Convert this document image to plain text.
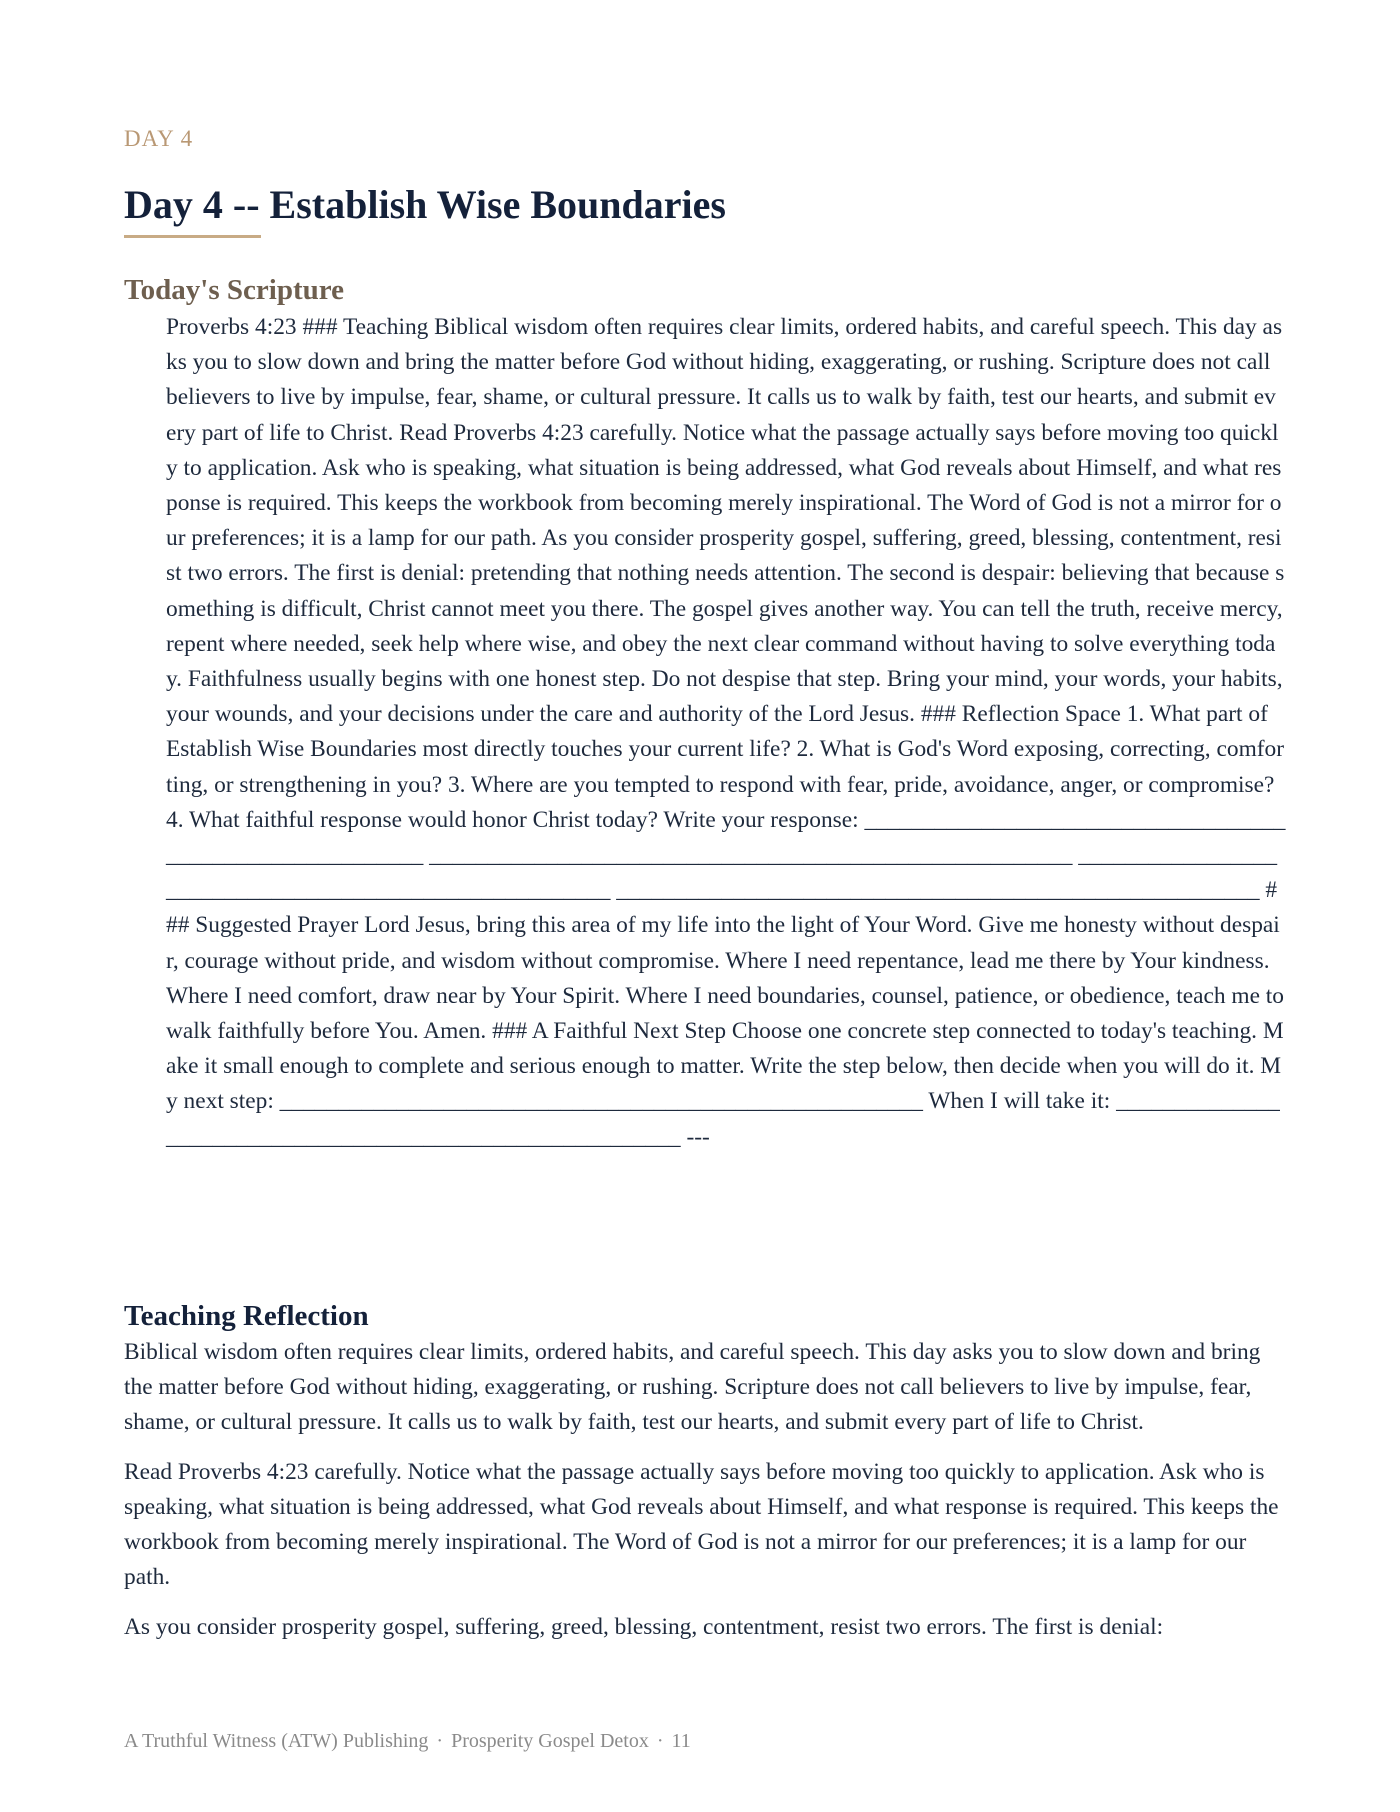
DAY 4
Day 4 -- Establish Wise Boundaries
Today's Scripture

Proverbs 4:23 ### Teaching Biblical wisdom often requires clear limits, ordered habits, and careful speech. This day asks you to slow down and bring the matter before God without hiding, exaggerating, or rushing. Scripture does not call believers to live by impulse, fear, shame, or cultural pressure. It calls us to walk by faith, test our hearts, and submit every part of life to Christ. Read Proverbs 4:23 carefully. Notice what the passage actually says before moving too quickly to application. Ask who is speaking, what situation is being addressed, what God reveals about Himself, and what response is required. This keeps the workbook from becoming merely inspirational. The Word of God is not a mirror for our preferences; it is a lamp for our path. As you consider prosperity gospel, suffering, greed, blessing, contentment, resist two errors. The first is denial: pretending that nothing needs attention. The second is despair: believing that because something is difficult, Christ cannot meet you there. The gospel gives another way. You can tell the truth, receive mercy, repent where needed, seek help where wise, and obey the next clear command without having to solve everything today. Faithfulness usually begins with one honest step. Do not despise that step. Bring your mind, your words, your habits, your wounds, and your decisions under the care and authority of the Lord Jesus. ### Reflection Space 1. What part of Establish Wise Boundaries most directly touches your current life? 2. What is God's Word exposing, correcting, comforting, or strengthening in you? 3. Where are you tempted to respond with fear, pride, avoidance, anger, or compromise? 4. What faithful response would honor Christ today? Write your response: __________________________________________________________ _______________________________________________________ _______________________________________________________ _______________________________________________________ ### Suggested Prayer Lord Jesus, bring this area of my life into the light of Your Word. Give me honesty without despair, courage without pride, and wisdom without compromise. Where I need repentance, lead me there by Your kindness. Where I need comfort, draw near by Your Spirit. Where I need boundaries, counsel, patience, or obedience, teach me to walk faithfully before You. Amen. ### A Faithful Next Step Choose one concrete step connected to today's teaching. Make it small enough to complete and serious enough to matter. Write the step below, then decide when you will do it. My next step: _______________________________________________________ When I will take it: __________________________________________________________ ---

Teaching Reflection

Biblical wisdom often requires clear limits, ordered habits, and careful speech. This day asks you to slow down and bring the matter before God without hiding, exaggerating, or rushing. Scripture does not call believers to live by impulse, fear, shame, or cultural pressure. It calls us to walk by faith, test our hearts, and submit every part of life to Christ.

Read Proverbs 4:23 carefully. Notice what the passage actually says before moving too quickly to application. Ask who is speaking, what situation is being addressed, what God reveals about Himself, and what response is required. This keeps the workbook from becoming merely inspirational. The Word of God is not a mirror for our preferences; it is a lamp for our path.

As you consider prosperity gospel, suffering, greed, blessing, contentment, resist two errors. The first is denial:

A Truthful Witness (ATW) Publishing · Prosperity Gospel Detox · 11
